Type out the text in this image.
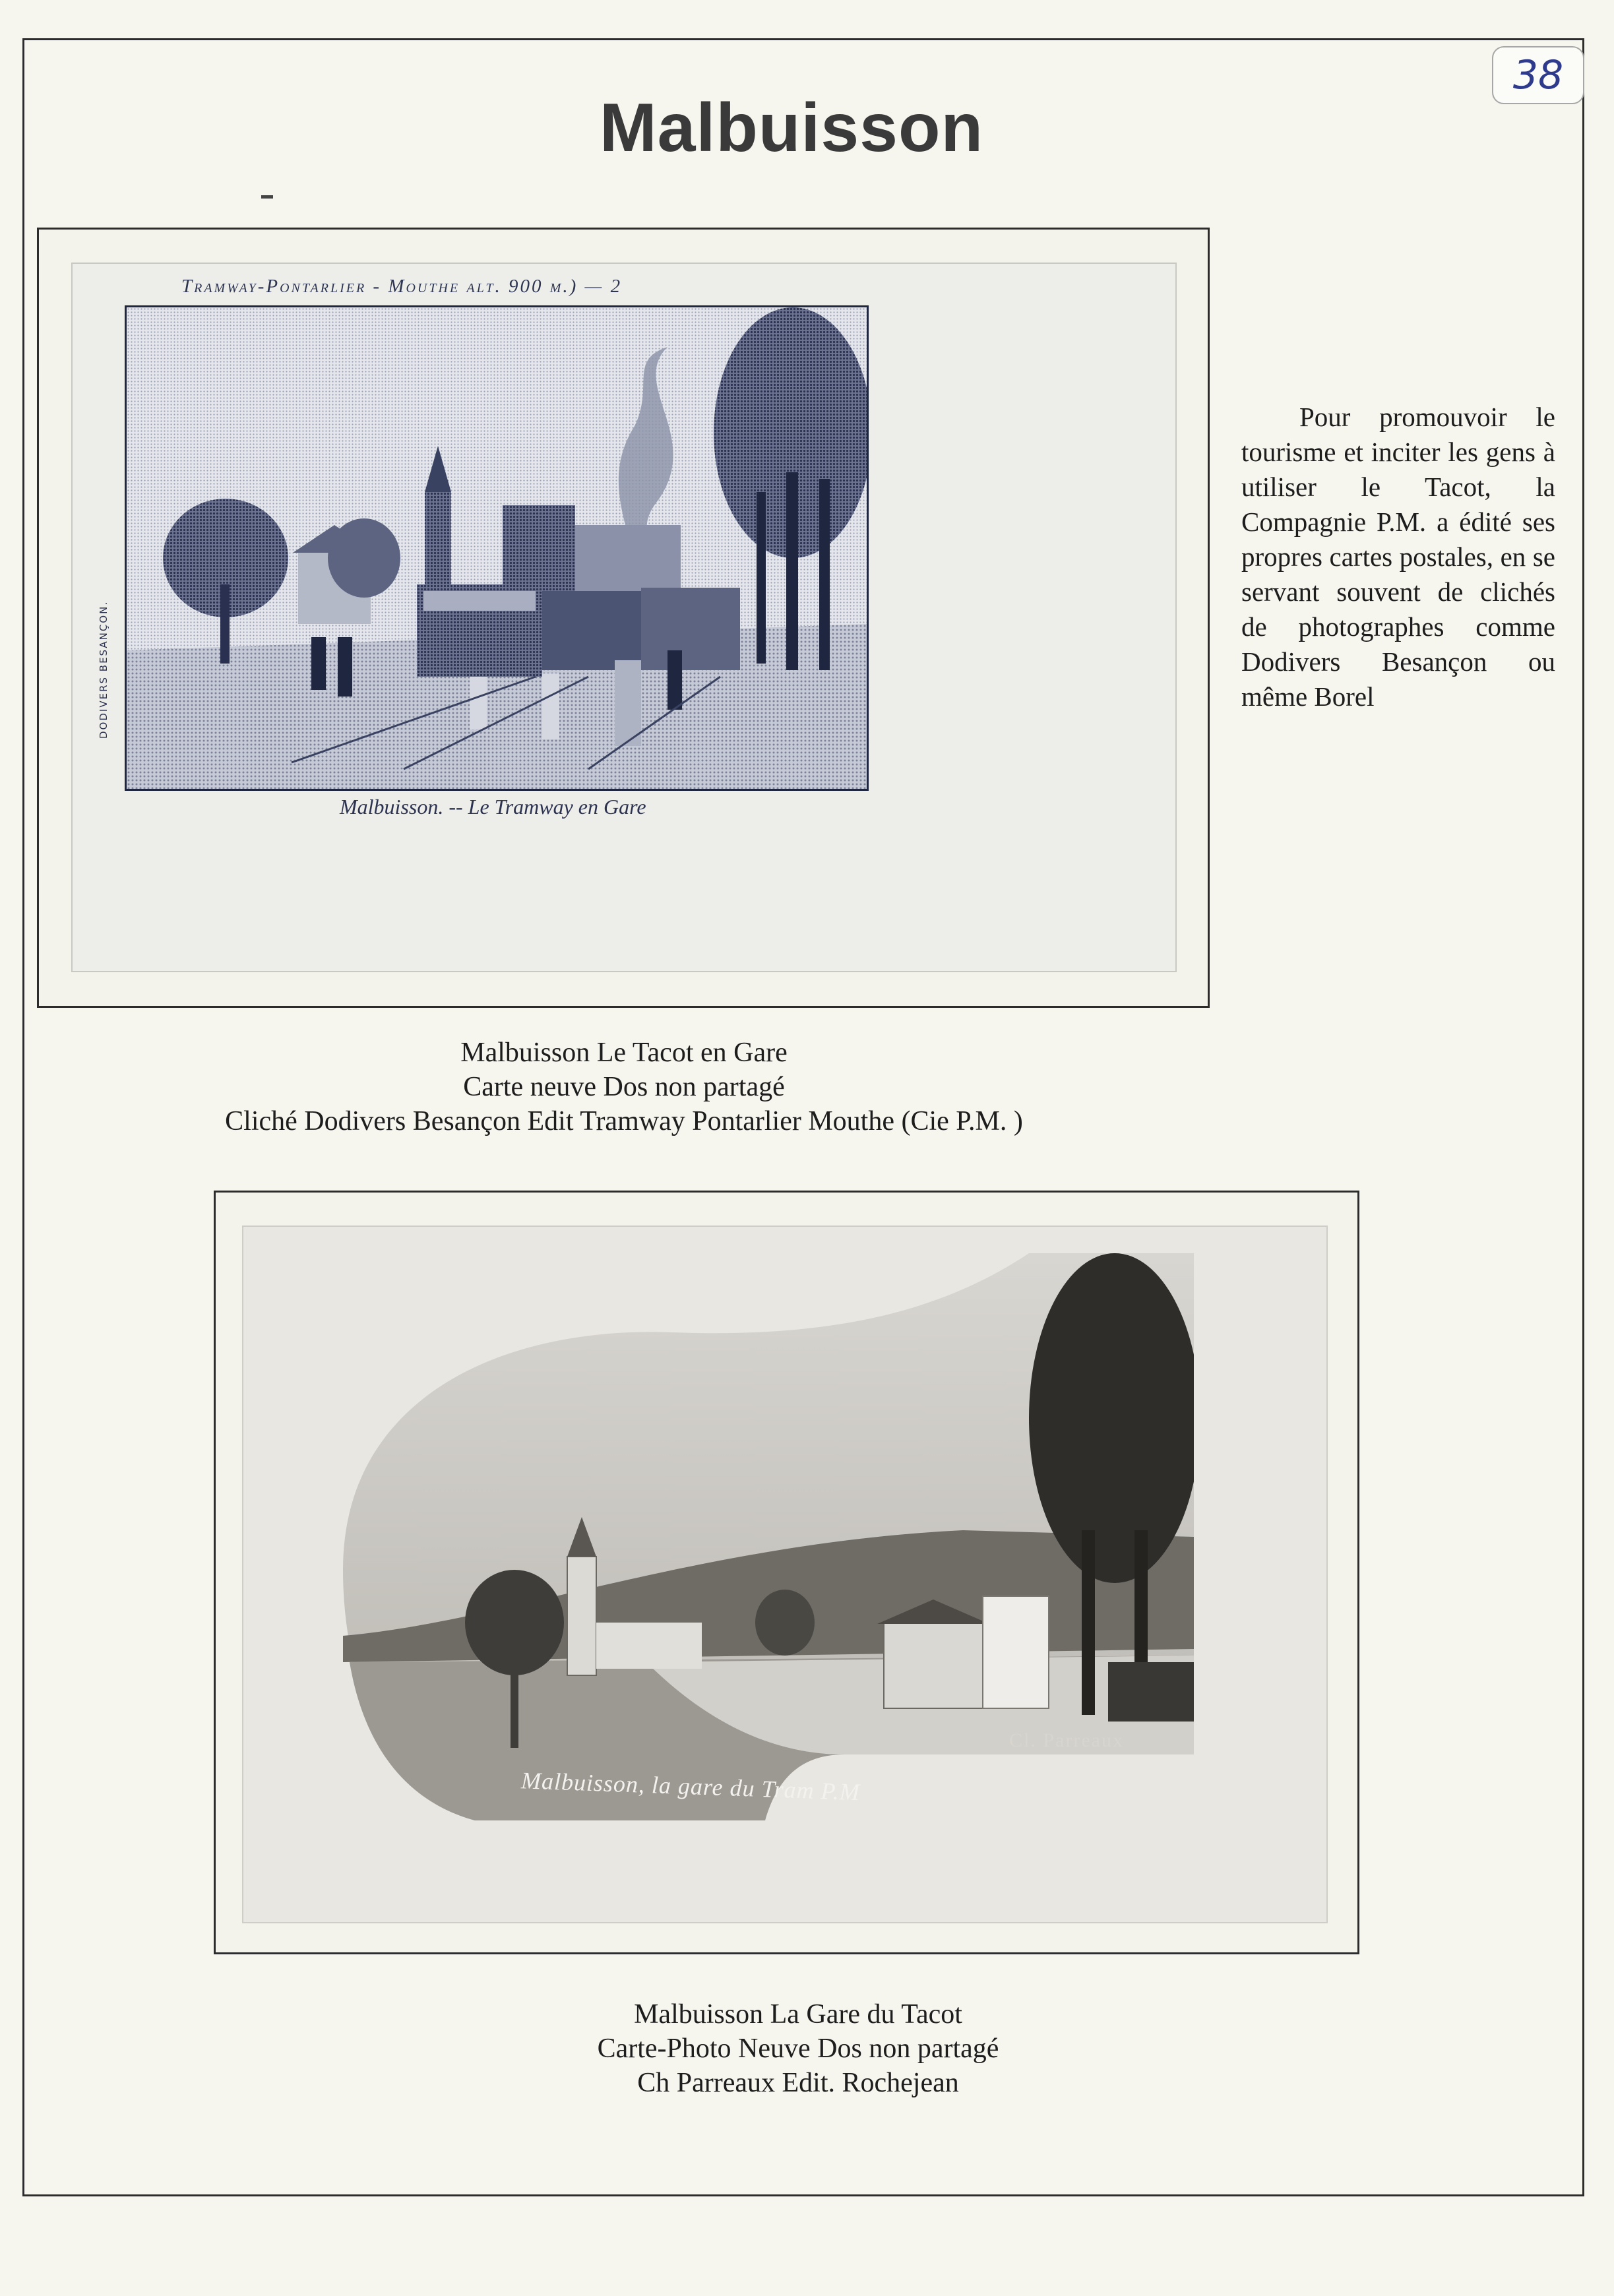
38
Malbuisson
Tramway-Pontarlier - Mouthe alt. 900 m.) — 2
DODIVERS BESANÇON.
Malbuisson. -- Le Tramway en Gare

Pour promouvoir le tourisme et inciter les gens à utiliser le Tacot, la Compagnie P.M. a édité ses propres cartes postales, en se servant souvent de clichés de photographes comme Dodivers Besançon ou même Borel

Malbuisson Le Tacot en Gare
Carte neuve Dos non partagé
Cliché Dodivers Besançon Edit Tramway Pontarlier Mouthe (Cie P.M. )
Cl. Parreaux
Malbuisson, la gare du Tram P.M
Malbuisson La Gare du Tacot
Carte-Photo Neuve Dos non partagé
Ch Parreaux Edit. Rochejean
